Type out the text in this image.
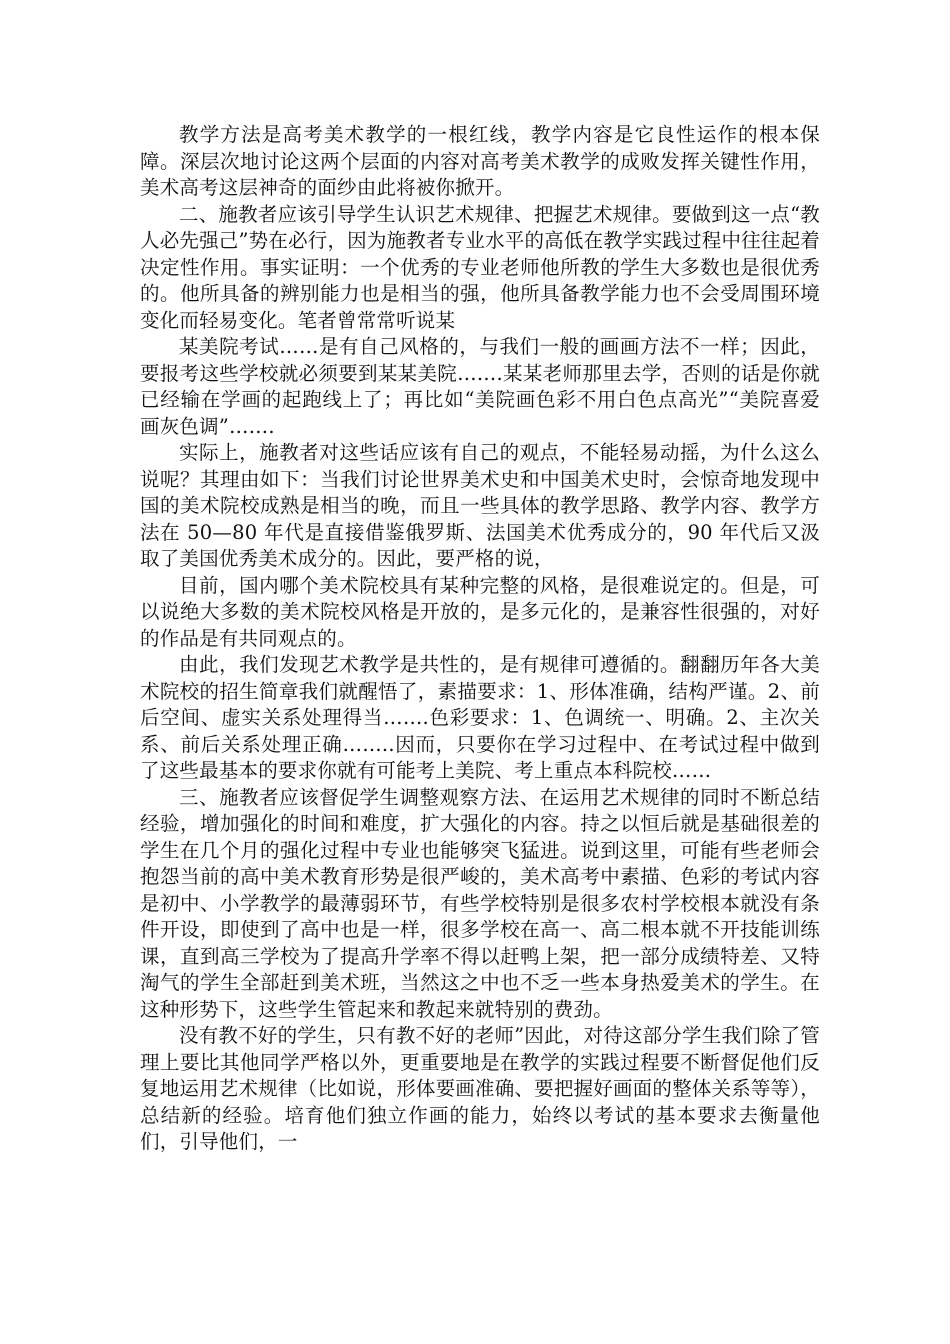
教学方法是高考美术教学的一根红线，教学内容是它良性运作的根本保障。深层次地讨论这两个层面的内容对高考美术教学的成败发挥关键性作用，美术高考这层神奇的面纱由此将被你掀开。

二、施教者应该引导学生认识艺术规律、把握艺术规律。要做到这一点“教人必先强己”势在必行，因为施教者专业水平的高低在教学实践过程中往往起着决定性作用。事实证明：一个优秀的专业老师他所教的学生大多数也是很优秀的。他所具备的辨别能力也是相当的强，他所具备教学能力也不会受周围环境变化而轻易变化。笔者曾常常听说某

某美院考试……是有自己风格的，与我们一般的画画方法不一样；因此，要报考这些学校就必须要到某某美院…….某某老师那里去学，否则的话是你就已经输在学画的起跑线上了；再比如“美院画色彩不用白色点高光”“美院喜爱画灰色调”…….

实际上，施教者对这些话应该有自己的观点，不能轻易动摇，为什么这么说呢？其理由如下：当我们讨论世界美术史和中国美术史时，会惊奇地发现中国的美术院校成熟是相当的晚，而且一些具体的教学思路、教学内容、教学方法在 50—80 年代是直接借鉴俄罗斯、法国美术优秀成分的，90 年代后又汲取了美国优秀美术成分的。因此，要严格的说，

目前，国内哪个美术院校具有某种完整的风格，是很难说定的。但是，可以说绝大多数的美术院校风格是开放的，是多元化的，是兼容性很强的，对好的作品是有共同观点的。

由此，我们发现艺术教学是共性的，是有规律可遵循的。翻翻历年各大美术院校的招生简章我们就醒悟了，素描要求：1、形体准确，结构严谨。2、前后空间、虚实关系处理得当…….色彩要求：1、色调统一、明确。2、主次关系、前后关系处理正确……..因而，只要你在学习过程中、在考试过程中做到了这些最基本的要求你就有可能考上美院、考上重点本科院校……

三、施教者应该督促学生调整观察方法、在运用艺术规律的同时不断总结经验，增加强化的时间和难度，扩大强化的内容。持之以恒后就是基础很差的学生在几个月的强化过程中专业也能够突飞猛进。说到这里，可能有些老师会抱怨当前的高中美术教育形势是很严峻的，美术高考中素描、色彩的考试内容是初中、小学教学的最薄弱环节，有些学校特别是很多农村学校根本就没有条件开设，即使到了高中也是一样，很多学校在高一、高二根本就不开技能训练课，直到高三学校为了提高升学率不得以赶鸭上架，把一部分成绩特差、又特淘气的学生全部赶到美术班，当然这之中也不乏一些本身热爱美术的学生。在这种形势下，这些学生管起来和教起来就特别的费劲。

没有教不好的学生，只有教不好的老师”因此，对待这部分学生我们除了管理上要比其他同学严格以外，更重要地是在教学的实践过程要不断督促他们反复地运用艺术规律（比如说，形体要画准确、要把握好画面的整体关系等等），总结新的经验。培育他们独立作画的能力，始终以考试的基本要求去衡量他们，引导他们，一
